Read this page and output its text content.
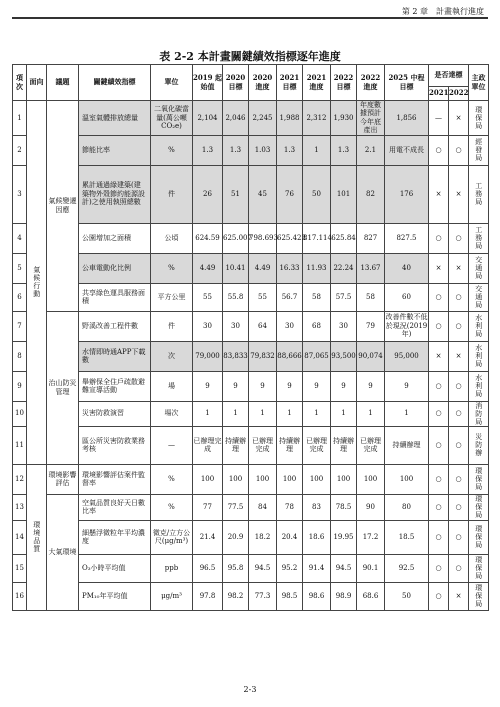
第 2 章　計畫執行進度
表 2-2 本計畫關鍵績效指標逐年進度
項次	面向	議題	關鍵績效指標	單位	2019 起始值	2020 目標	2020 進度	2021 目標	2021 進度	2022 目標	2022 進度	2025 中程 目標	是否達標		主政單位
													2021	2022	
1	氣候行動	氣候變遷因應	溫室氣體排放總量	二氧化碳當量(萬公噸CO₂e)	2,104	2,046	2,245	1,988	2,312	1,930	年度數據預計今年底產出	1,856	—	×	環保局
2			節能比率	%	1.3	1.3	1.03	1.3	1	1.3	2.1	用電不成長	○	○	經發局
3			累計通過綠建築(建築物外殼節約能源設計)之使用執照總數	件	26	51	45	76	50	101	82	176	×	×	工務局
4			公園增加之面積	公頃	624.59	625.007	798.693	625.423	817.114	625.84	827	827.5	○	○	工務局
5			公車電動化比例	%	4.49	10.41	4.49	16.33	11.93	22.24	13.67	40	×	×	交通局
6			共享綠色運具服務面積	平方公里	55	55.8	55	56.7	58	57.5	58	60	○	○	交通局
7		治山防災管理	野溪改善工程件數	件	30	30	64	30	68	30	79	改善件數不低於現況(2019 年)	○	○	水利局
8			水情即時通APP下載數	次	79,000	83,833	79,832	88,666	87,065	93,500	90,074	95,000	×	×	水利局
9			舉辦保全住戶疏散避難宣導活動	場	9	9	9	9	9	9	9	9	○	○	水利局
10			災害防救演習	場次	1	1	1	1	1	1	1	1	○	○	消防局
11			區公所災害防救業務考核	—	已辦理完成	持續辦理	已辦理完成	持續辦理	已辦理完成	持續辦理	已辦理完成	持續辦理	○	○	災防辦
12	環境品質	環境影響評估	環境影響評估案件監督率	%	100	100	100	100	100	100	100	100	○	○	環保局
13		大氣環境	空氣品質良好天日數比率	%	77	77.5	84	78	83	78.5	90	80	○	○	環保局
14			細懸浮微粒年平均濃度	微克/立方公尺(μg/m³)	21.4	20.9	18.2	20.4	18.6	19.95	17.2	18.5	○	○	環保局
15			O₃小時平均值	ppb	96.5	95.8	94.5	95.2	91.4	94.5	90.1	92.5	○	○	環保局
16			PM₁₀年平均值	μg/m³	97.8	98.2	77.3	98.5	98.6	98.9	68.6	50	○	×	環保局
2-3
